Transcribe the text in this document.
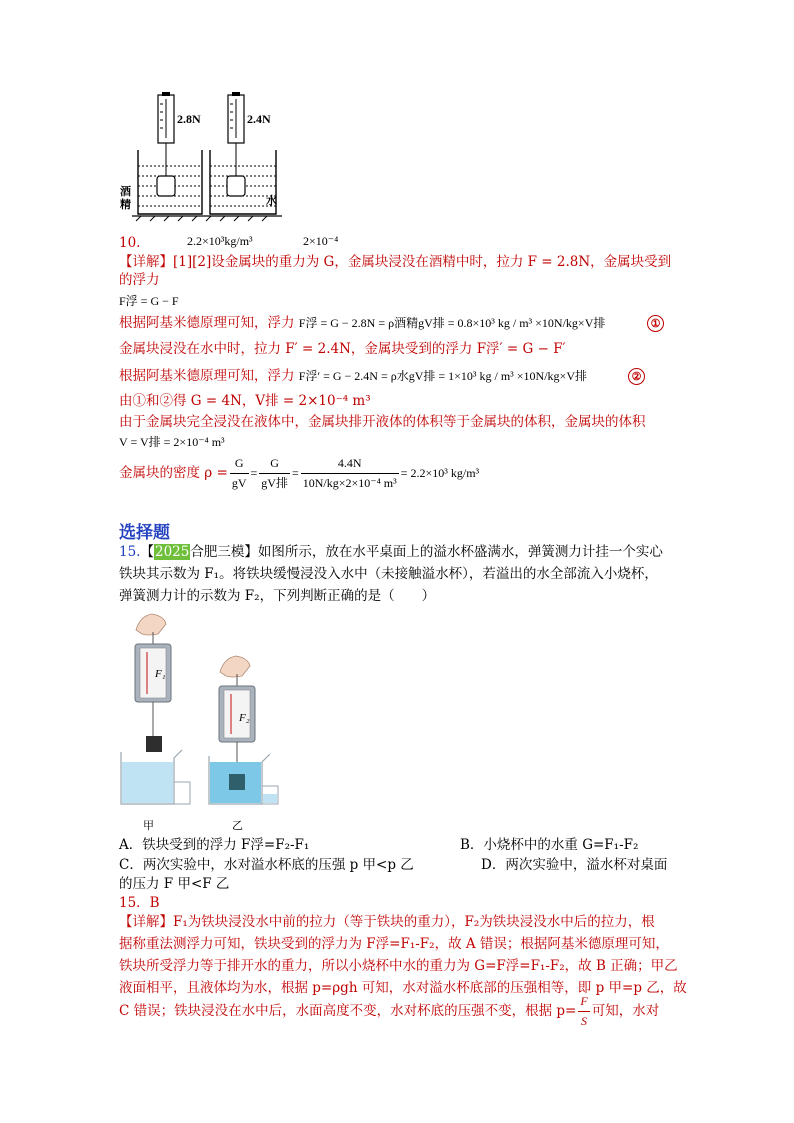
2.8N	2.4N
酒
精	水
10.	2.2×10³kg/m³	2×10⁻⁴
【详解】[1][2]设金属块的重力为 G，金属块浸没在酒精中时，拉力 F = 2.8N，金属块受到
的浮力
F浮 = G − F
根据阿基米德原理可知，浮力 F浮 = G − 2.8N = ρ酒精gV排 = 0.8×10³ kg / m³ ×10N/kg×V排	①
金属块浸没在水中时，拉力 F′ = 2.4N，金属块受到的浮力 F浮′ = G − F′
根据阿基米德原理可知，浮力 F浮′ = G − 2.4N = ρ水gV排 = 1×10³ kg / m³ ×10N/kg×V排	②
由①和②得 G = 4N，V排 = 2×10⁻⁴ m³
由于金属块完全浸没在液体中，金属块排开液体的体积等于金属块的体积，金属块的体积
V = V排 = 2×10⁻⁴ m³
金属块的密度 $\rho = \frac{G}{gV} = \frac{G}{\text{gV排}} = \frac{4.4N}{\text{10N/kg×2×10⁻⁴ m³}} = 2.2\times 10^3$ kg/m³
选择题
15.【2025合肥三模】如图所示，放在水平桌面上的溢水杯盛满水，弹簧测力计挂一个实心
铁块其示数为 F₁。将铁块缓慢浸没入水中（未接触溢水杯），若溢出的水全部流入小烧杯，
弹簧测力计的示数为 F₂，下列判断正确的是（　　）
F₁
F₂
甲	乙
A．铁块受到的浮力 F浮=F₂-F₁	B．小烧杯中的水重 G=F₁-F₂
C．两次实验中，水对溢水杯底的压强 p 甲<p 乙	D．两次实验中，溢水杯对桌面
的压力 F 甲<F 乙
15．B
【详解】F₁为铁块浸没水中前的拉力（等于铁块的重力），F₂为铁块浸没水中后的拉力，根
据称重法测浮力可知，铁块受到的浮力为 F浮=F₁-F₂，故 A 错误；根据阿基米德原理可知，
铁块所受浮力等于排开水的重力，所以小烧杯中水的重力为 G=F浮=F₁-F₂，故 B 正确；甲乙
液面相平，且液体均为水，根据 p=ρgh 可知，水对溢水杯底部的压强相等，即 p 甲=p 乙，故
C 错误；铁块浸没在水中后，水面高度不变，水对杯底的压强不变，根据 $p= \frac{F}{S}$ 可知，水对
